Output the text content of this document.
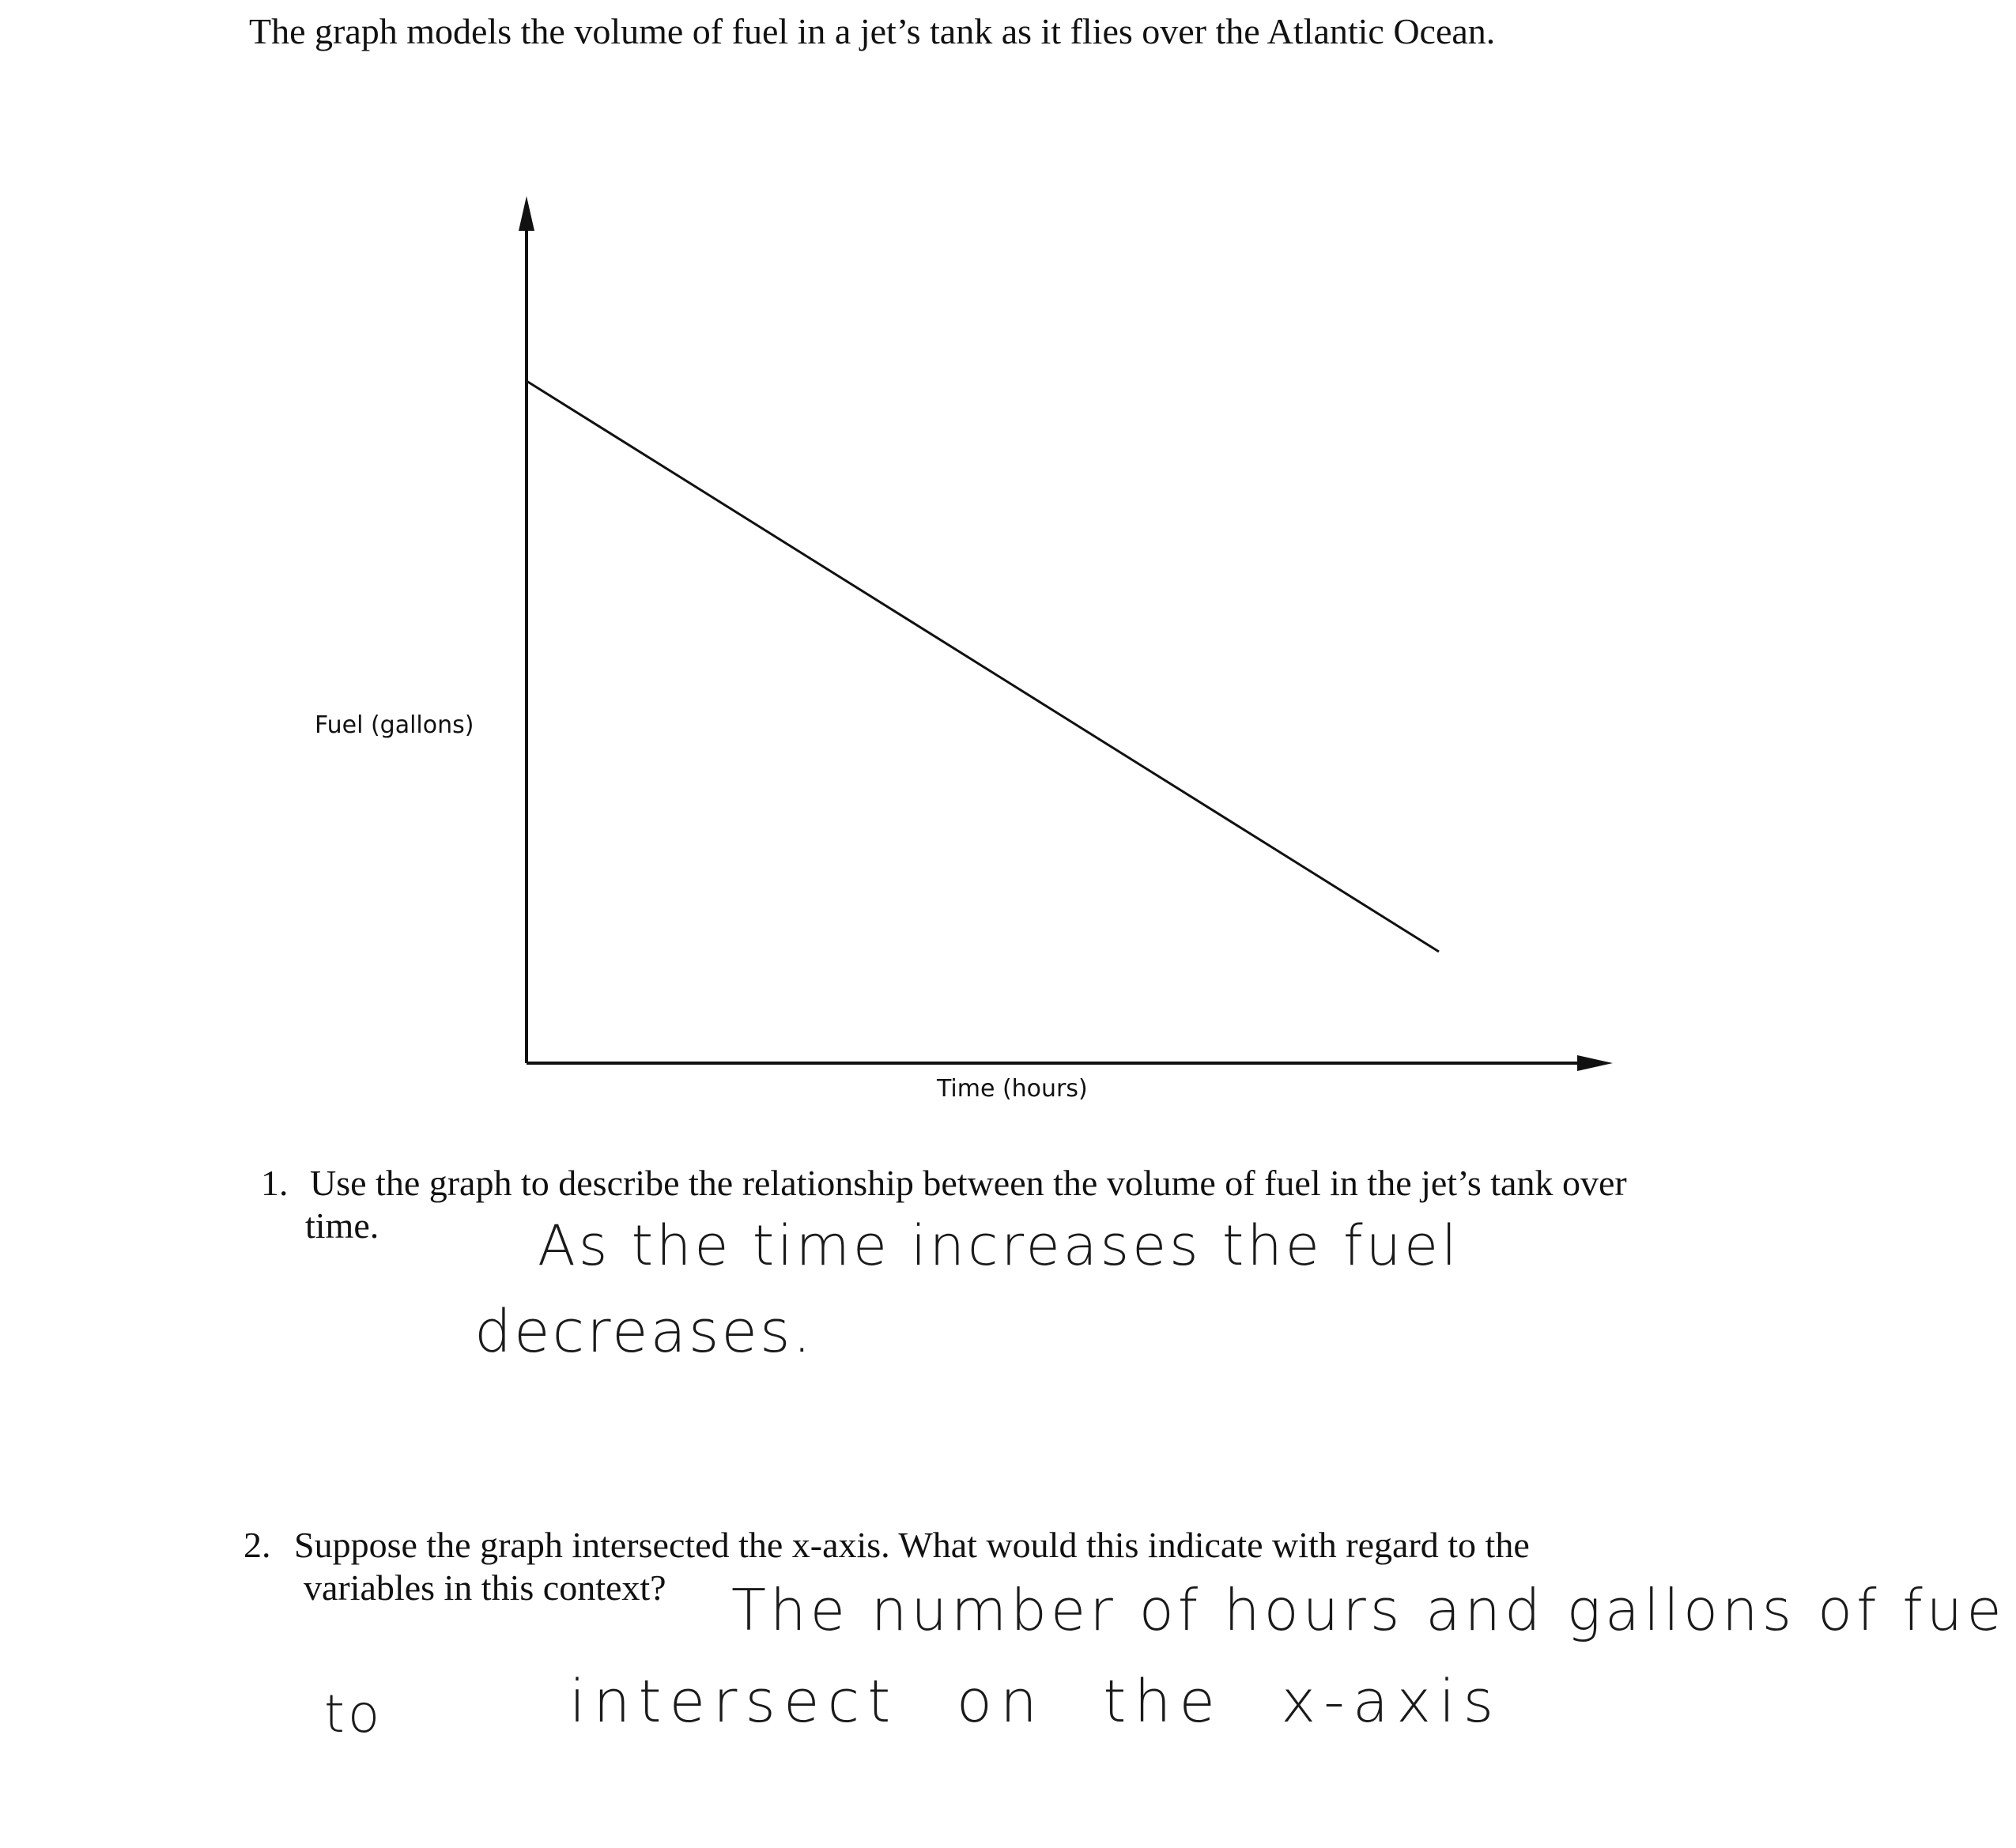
The graph models the volume of fuel in a jet’s tank as it flies over the Atlantic Ocean.
Fuel (gallons)
Time (hours)
1. Use the graph to describe the relationship between the volume of fuel in the jet’s tank over
time.	As the time increases the fuel
decreases.
2. Suppose the graph intersected the x-axis. What would this indicate with regard to the
variables in this context? The number of hours and gallons of fue
to	intersect on the x-axis
